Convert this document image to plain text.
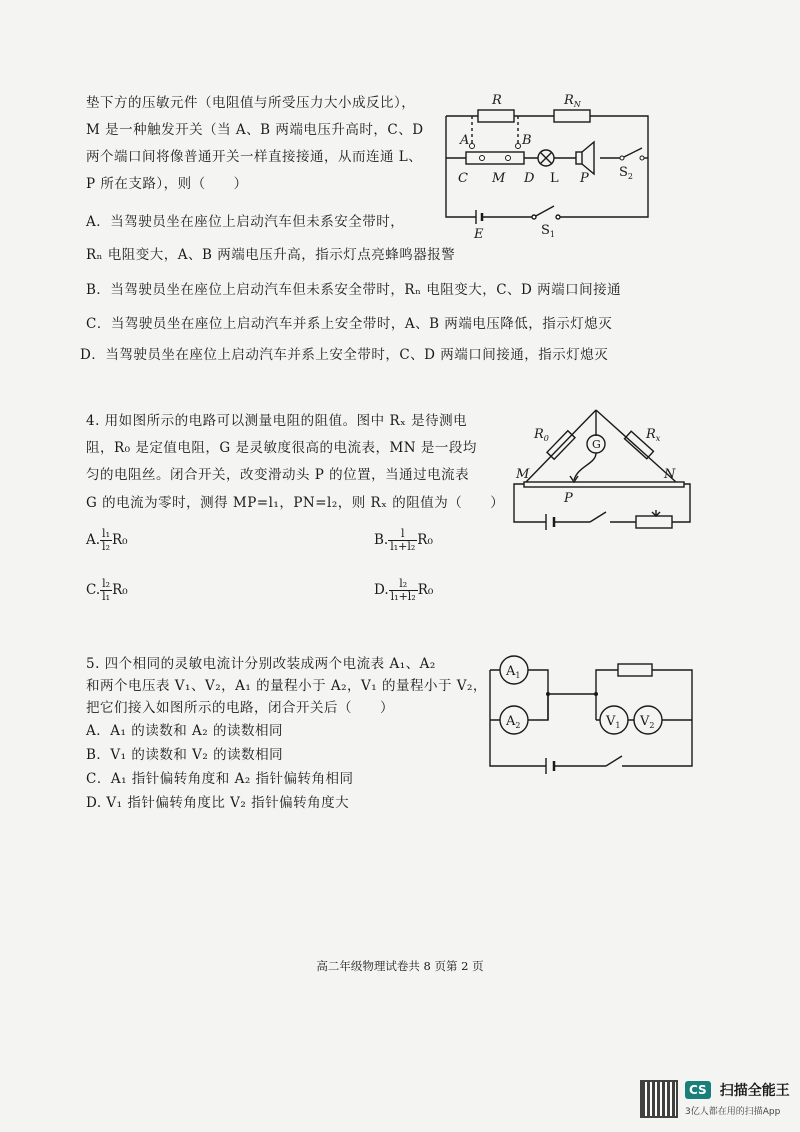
垫下方的压敏元件（电阻值与所受压力大小成反比），
M 是一种触发开关（当 A、B 两端电压升高时，C、D
两个端口间将像普通开关一样直接接通，从而连通 L、
P 所在支路），则（　　）
A．当驾驶员坐在座位上启动汽车但未系安全带时，
Rₙ 电阻变大，A、B 两端电压升高，指示灯点亮蜂鸣器报警
B．当驾驶员坐在座位上启动汽车但未系安全带时，Rₙ 电阻变大，C、D 两端口间接通
C．当驾驶员坐在座位上启动汽车并系上安全带时，A、B 两端电压降低，指示灯熄灭
D．当驾驶员坐在座位上启动汽车并系上安全带时，C、D 两端口间接通，指示灯熄灭
R	$R_N$
A	B
C M D L P $S_2$
$S_1$
E
4. 用如图所示的电路可以测量电阻的阻值。图中 Rₓ 是待测电
阻，R₀ 是定值电阻，G 是灵敏度很高的电流表，MN 是一段均
匀的电阻丝。闭合开关，改变滑动头 P 的位置，当通过电流表
G 的电流为零时，测得 MP=l₁，PN=l₂，则 Rₓ 的阻值为（　　）
A. $\frac{\text{l₁}}{\text{l₂}} R_0$	B. $\frac{l}{\text{l₁+l₂}} R_0$
C. $\frac{\text{l₂}}{\text{l₁}} R_0$	D. $\frac{\text{l₂}}{\text{l₁+l₂}} R_0$
$R_0$	G
$R_x$
M	N
P
5. 四个相同的灵敏电流计分别改装成两个电流表 A₁、A₂
和两个电压表 V₁、V₂，A₁ 的量程小于 A₂，V₁ 的量程小于 V₂，
把它们接入如图所示的电路，闭合开关后（　　）
A．A₁ 的读数和 A₂ 的读数相同
B．V₁ 的读数和 V₂ 的读数相同
C．A₁ 指针偏转角度和 A₂ 指针偏转角相同
D. V₁ 指针偏转角度比 V₂ 指针偏转角度大
$A_1$
$A_2$	$V_1$ $V_2$
高二年级物理试卷共 8 页第 2 页
CS 扫描全能王
3亿人都在用的扫描App
